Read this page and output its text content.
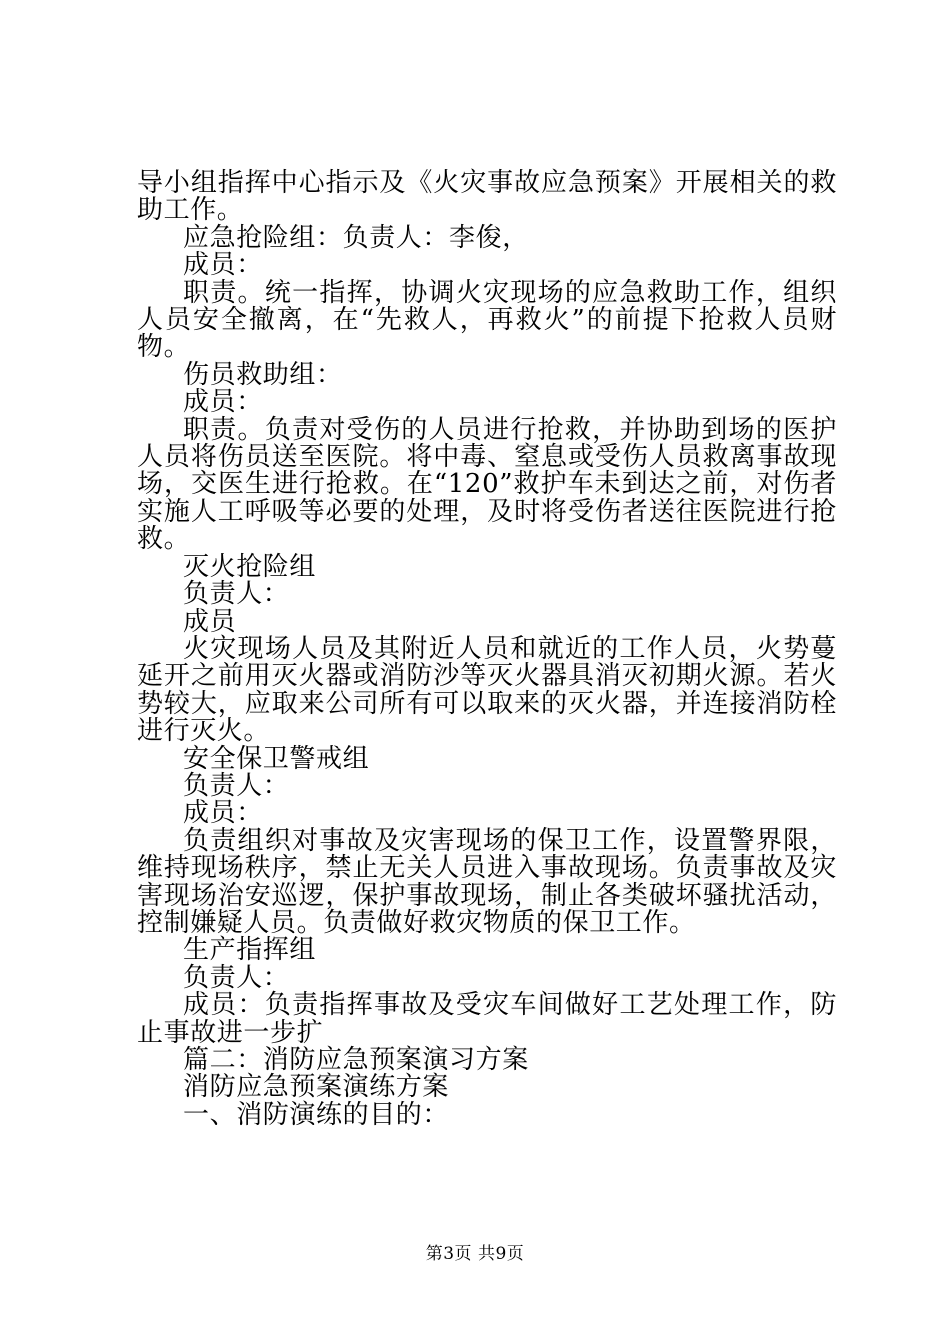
导小组指挥中心指示及《火灾事故应急预案》开展相关的救助工作。

应急抢险组：负责人：李俊，

成员：

职责。统一指挥，协调火灾现场的应急救助工作，组织人员安全撤离，在“先救人，再救火”的前提下抢救人员财物。

伤员救助组：

成员：

职责。负责对受伤的人员进行抢救，并协助到场的医护人员将伤员送至医院。将中毒、窒息或受伤人员救离事故现场，交医生进行抢救。在“120”救护车未到达之前，对伤者实施人工呼吸等必要的处理，及时将受伤者送往医院进行抢救。

灭火抢险组

负责人：

成员

火灾现场人员及其附近人员和就近的工作人员，火势蔓延开之前用灭火器或消防沙等灭火器具消灭初期火源。若火势较大，应取来公司所有可以取来的灭火器，并连接消防栓进行灭火。

安全保卫警戒组

负责人：

成员：

负责组织对事故及灾害现场的保卫工作，设置警界限，维持现场秩序，禁止无关人员进入事故现场。负责事故及灾害现场治安巡逻，保护事故现场，制止各类破坏骚扰活动，控制嫌疑人员。负责做好救灾物质的保卫工作。

生产指挥组

负责人：

成员：负责指挥事故及受灾车间做好工艺处理工作，防止事故进一步扩

篇二：消防应急预案演习方案

消防应急预案演练方案

一、消防演练的目的：

第3页 共9页
